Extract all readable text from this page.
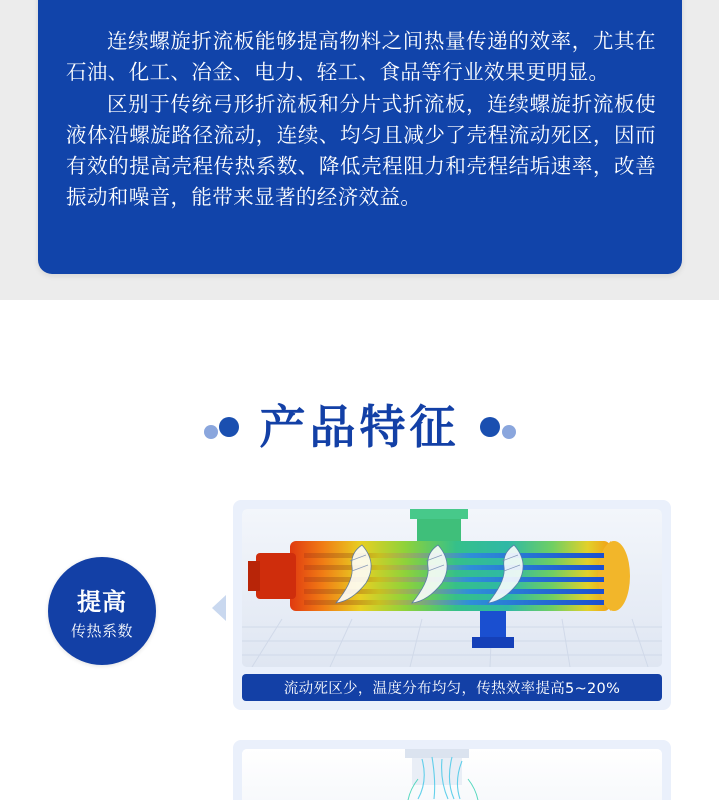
连续螺旋折流板能够提高物料之间热量传递的效率，尤其在石油、化工、冶金、电力、轻工、食品等行业效果更明显。

区别于传统弓形折流板和分片式折流板，连续螺旋折流板使液体沿螺旋路径流动，连续、均匀且减少了壳程流动死区，因而有效的提高壳程传热系数、降低壳程阻力和壳程结垢速率，改善振动和噪音，能带来显著的经济效益。

产品特征
提高
传热系数
流动死区少，温度分布均匀，传热效率提高5~20%
